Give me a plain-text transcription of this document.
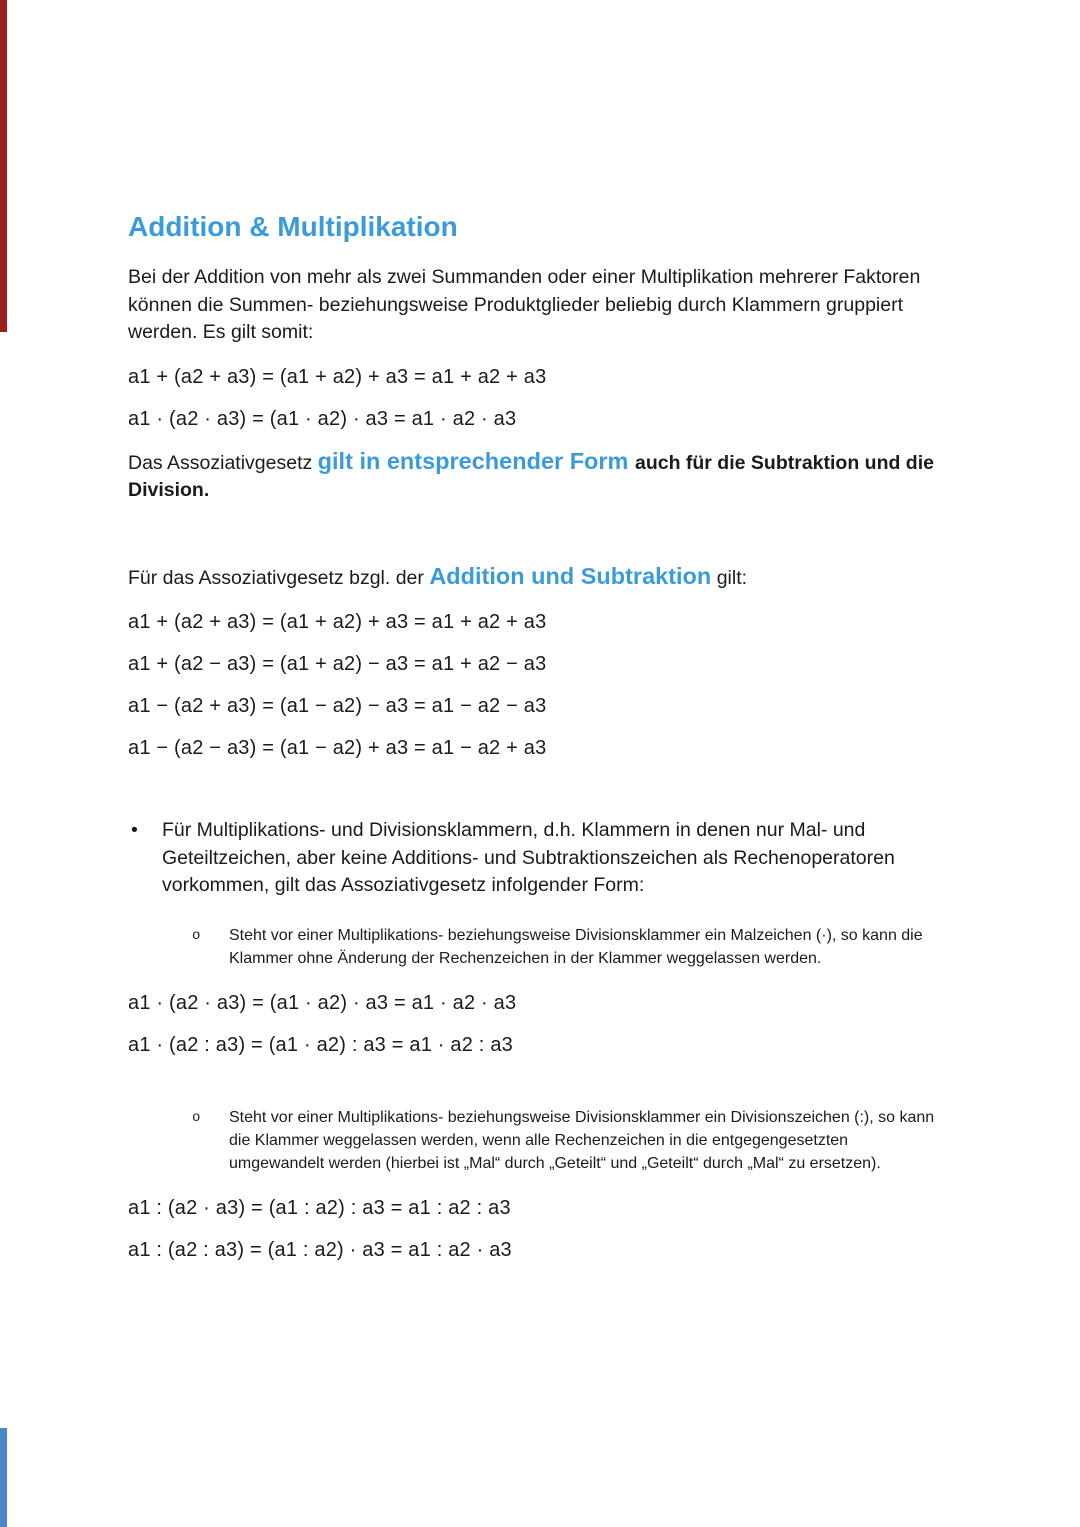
Addition & Multiplikation

Bei der Addition von mehr als zwei Summanden oder einer Multiplikation mehrerer Faktoren können die Summen- beziehungsweise Produktglieder beliebig durch Klammern gruppiert werden. Es gilt somit:

a1 + (a2 + a3) = (a1 + a2) + a3 = a1 + a2 + a3

a1 · (a2 · a3) = (a1 · a2) · a3 = a1 · a2 · a3

Das Assoziativgesetz gilt in entsprechender Form auch für die Subtraktion und die Division.

Für das Assoziativgesetz bzgl. der Addition und Subtraktion gilt:

a1 + (a2 + a3) = (a1 + a2) + a3 = a1 + a2 + a3

a1 + (a2 − a3) = (a1 + a2) − a3 = a1 + a2 − a3

a1 − (a2 + a3) = (a1 − a2) − a3 = a1 − a2 − a3

a1 − (a2 − a3) = (a1 − a2) + a3 = a1 − a2 + a3

•	Für Multiplikations- und Divisionsklammern, d.h. Klammern in denen nur Mal- und Geteiltzeichen, aber keine Additions- und Subtraktionszeichen als Rechenoperatoren vorkommen, gilt das Assoziativgesetz infolgender Form:
o	Steht vor einer Multiplikations- beziehungsweise Divisionsklammer ein Malzeichen (·), so kann die Klammer ohne Änderung der Rechenzeichen in der Klammer weggelassen werden.

a1 · (a2 · a3) = (a1 · a2) · a3 = a1 · a2 · a3

a1 · (a2 : a3) = (a1 · a2) : a3 = a1 · a2 : a3

o	Steht vor einer Multiplikations- beziehungsweise Divisionsklammer ein Divisionszeichen (:), so kann die Klammer weggelassen werden, wenn alle Rechenzeichen in die entgegengesetzten umgewandelt werden (hierbei ist „Mal“ durch „Geteilt“ und „Geteilt“ durch „Mal“ zu ersetzen).

a1 : (a2 · a3) = (a1 : a2) : a3 = a1 : a2 : a3

a1 : (a2 : a3) = (a1 : a2) · a3 = a1 : a2 · a3
